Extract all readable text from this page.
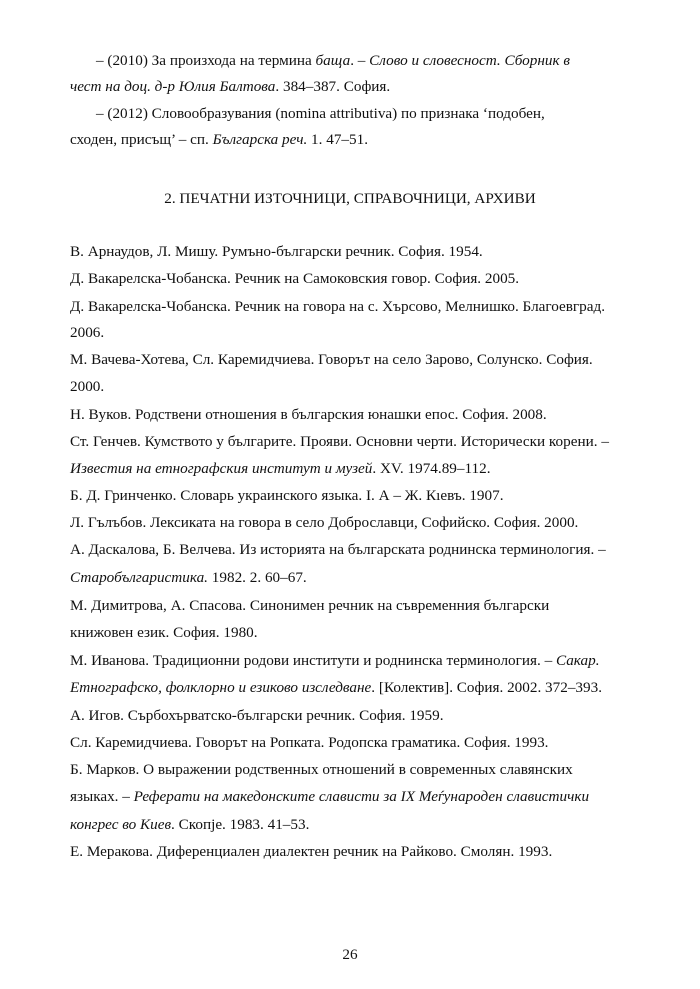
– (2010) За произхода на термина баща. – Слово и словесност. Сборник в
чест на доц. д-р Юлия Балтова. 384–387. София.
– (2012) Словообразувания (nomina attributiva) по признака ‘подобен,
сходен, присъщ’ – сп. Българска реч. 1. 47–51.
2. ПЕЧАТНИ ИЗТОЧНИЦИ, СПРАВОЧНИЦИ, АРХИВИ
В. Арнаудов, Л. Мишу. Румъно-български речник. София. 1954.
Д. Вакарелска-Чобанска. Речник на Самоковския говор. София. 2005.
Д. Вакарелска-Чобанска. Речник на говора на с. Хърсово, Мелнишко. Благоевград.
2006.
М. Вачева-Хотева, Сл. Каремидчиева. Говорът на село Зарово, Солунско. София.
2000.
Н. Вуков. Родствени отношения в българския юнашки епос. София. 2008.
Ст. Генчев. Кумството у българите. Прояви. Основни черти. Исторически корени. –
Известия на етнографския институт и музей. XV. 1974.89–112.
Б. Д. Гринченко. Словарь украинского языка. I. А – Ж. Кıевъ. 1907.
Л. Гълъбов. Лексиката на говора в село Доброславци, Софийско. София. 2000.
А. Даскалова, Б. Велчева. Из историята на българската роднинска терминология. –
Старобългаристика. 1982. 2. 60–67.
М. Димитрова, А. Спасова. Синонимен речник на съвременния български
книжовен език. София. 1980.
М. Иванова. Традиционни родови институти и роднинска терминология. – Сакар.
Етнографско, фолклорно и езиково изследване. [Колектив]. София. 2002. 372–393.
А. Игов. Сърбохърватско-български речник. София. 1959.
Сл. Каремидчиева. Говорът на Ропката. Родопска граматика. София. 1993.
Б. Марков. О выражении родственных отношений в современных славянских
языках. – Реферати на македонските слависти за IX Меѓународен славистички
конгрес во Киев. Скопје. 1983. 41–53.
Е. Меракова. Диференциален диалектен речник на Райково. Смолян. 1993.
26
